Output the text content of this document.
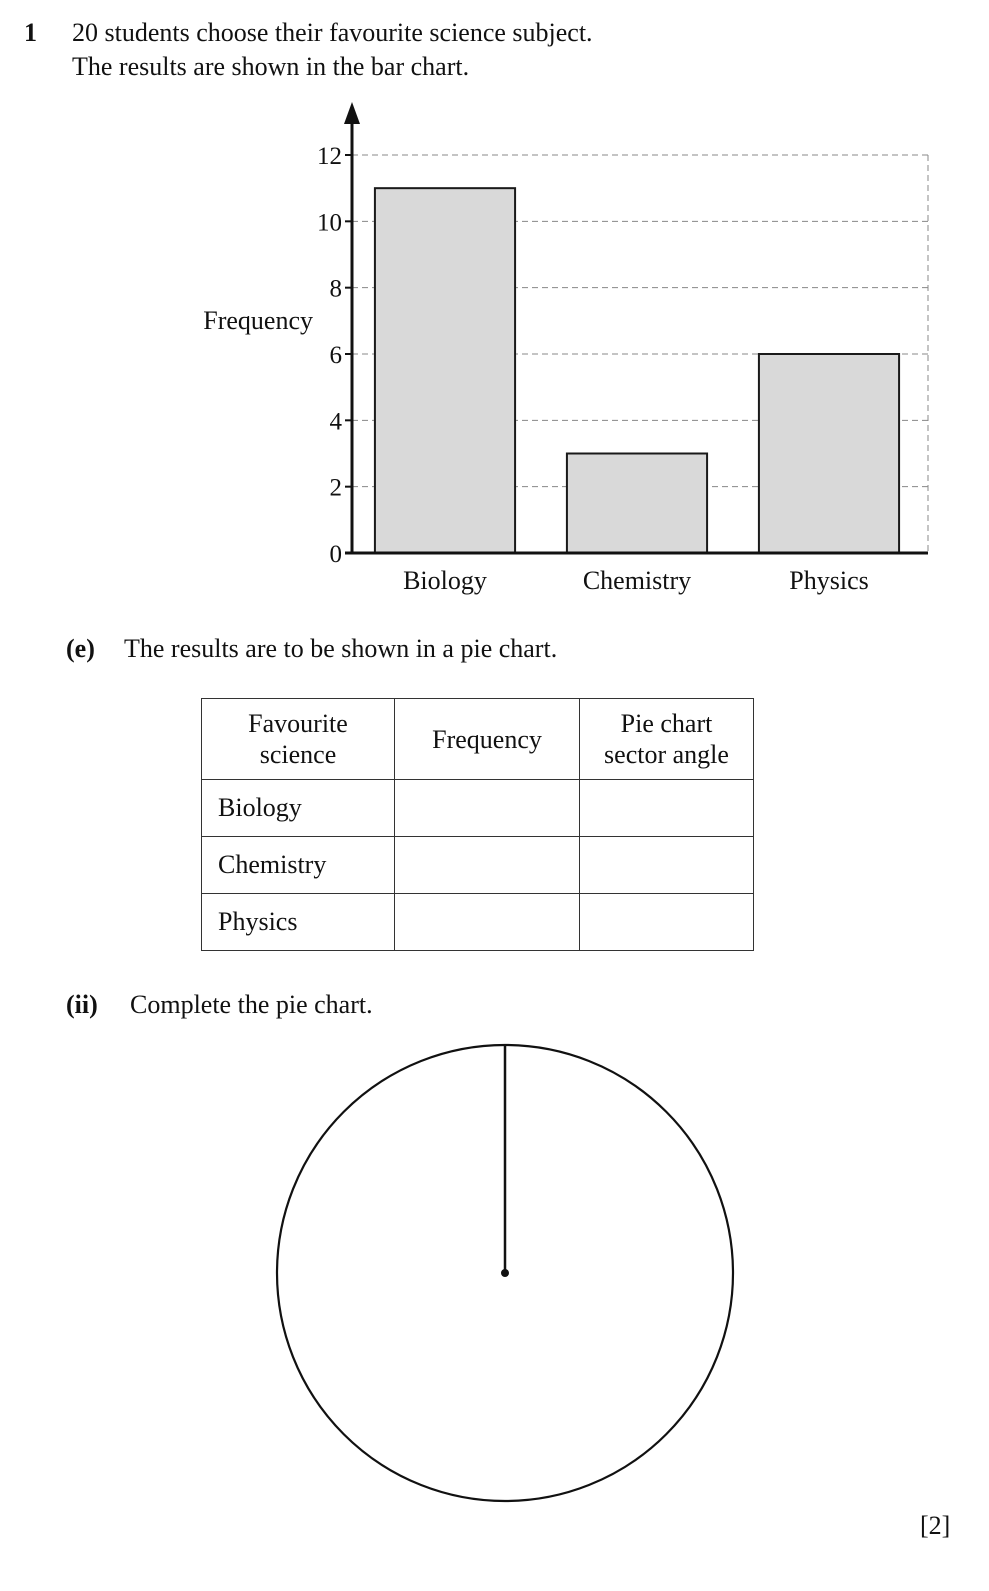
1 20 students choose their favourite science subject.
The results are shown in the bar chart.
0
2
4
6
8
10
12
Biology	Chemistry	Physics
Frequency
(e) The results are to be shown in a pie chart.
Favourite
science	Frequency	Pie chart
sector angle
Biology		
Chemistry		
Physics		
(ii) Complete the pie chart.
[2]
